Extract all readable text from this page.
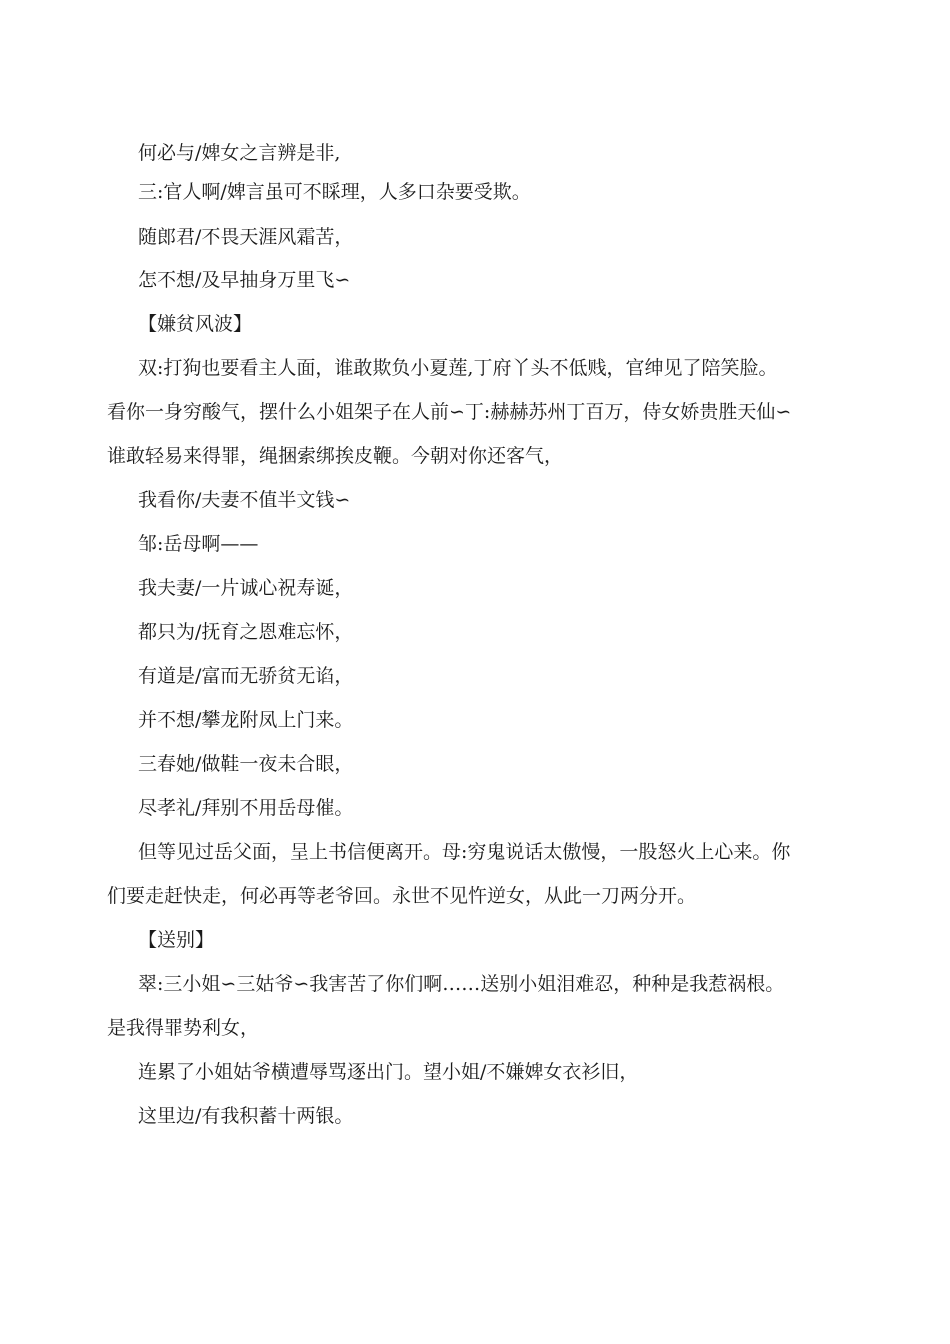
何必与/婢女之言辨是非,
三:官人啊/婢言虽可不睬理，人多口杂要受欺。
随郎君/不畏天涯风霜苦，
怎不想/及早抽身万里飞∽
【嫌贫风波】
双:打狗也要看主人面，谁敢欺负小夏莲,丁府丫头不低贱，官绅见了陪笑脸。
看你一身穷酸气，摆什么小姐架子在人前∽丁:赫赫苏州丁百万，侍女娇贵胜天仙∽
谁敢轻易来得罪，绳捆索绑挨皮鞭。今朝对你还客气，
我看你/夫妻不值半文钱∽
邹:岳母啊——
我夫妻/一片诚心祝寿诞，
都只为/抚育之恩难忘怀，
有道是/富而无骄贫无谄，
并不想/攀龙附凤上门来。
三春她/做鞋一夜未合眼，
尽孝礼/拜别不用岳母催。
但等见过岳父面，呈上书信便离开。母:穷鬼说话太傲慢，一股怒火上心来。你
们要走赶快走，何必再等老爷回。永世不见忤逆女，从此一刀两分开。
【送别】
翠:三小姐∽三姑爷∽我害苦了你们啊……送别小姐泪难忍，种种是我惹祸根。
是我得罪势利女，
连累了小姐姑爷横遭辱骂逐出门。望小姐/不嫌婢女衣衫旧，
这里边/有我积蓄十两银。
